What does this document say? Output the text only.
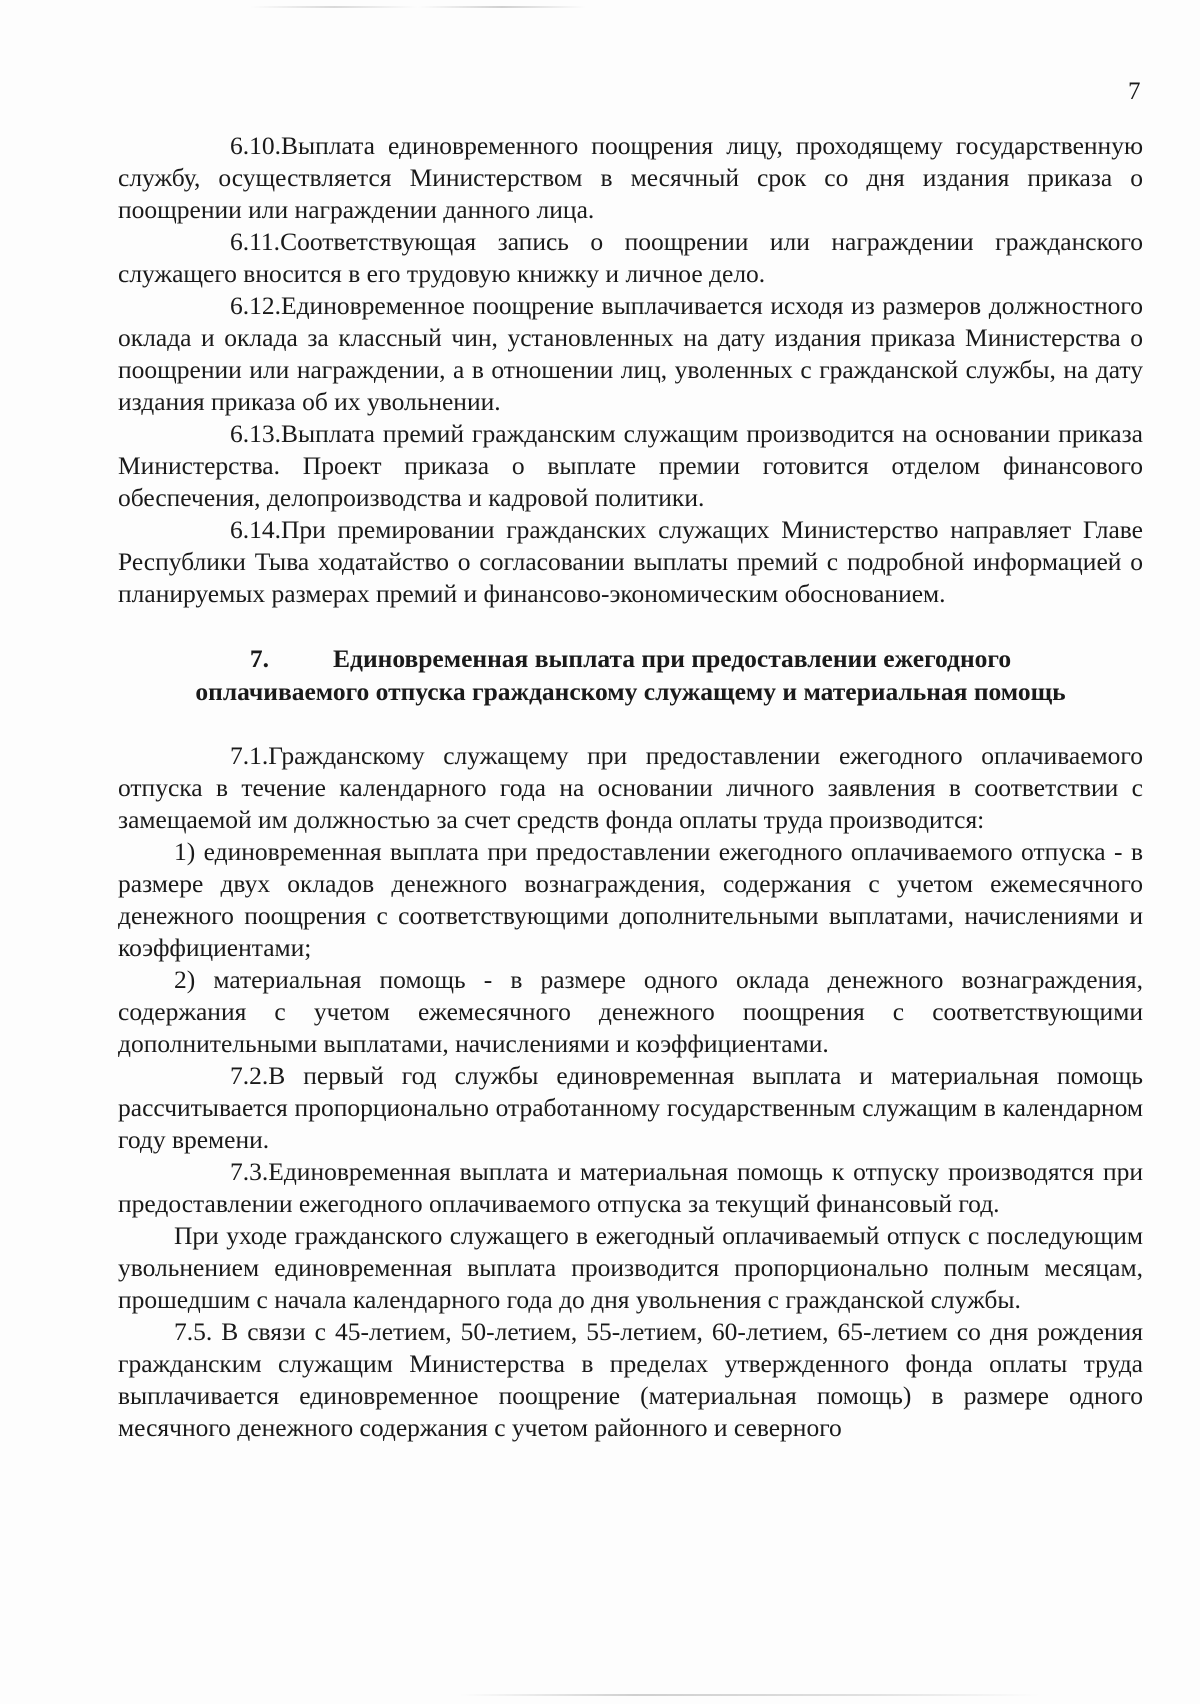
7

6.10.Выплата единовременного поощрения лицу, проходящему государственную службу, осуществляется Министерством в месячный срок со дня издания приказа о поощрении или награждении данного лица.

6.11.Соответствующая запись о поощрении или награждении гражданского служащего вносится в его трудовую книжку и личное дело.

6.12.Единовременное поощрение выплачивается исходя из размеров должностного оклада и оклада за классный чин, установленных на дату издания приказа Министерства о поощрении или награждении, а в отношении лиц, уволенных с гражданской службы, на дату издания приказа об их увольнении.

6.13.Выплата премий гражданским служащим производится на основании приказа Министерства. Проект приказа о выплате премии готовится отделом финансового обеспечения, делопроизводства и кадровой политики.

6.14.При премировании гражданских служащих Министерство направляет Главе Республики Тыва ходатайство о согласовании выплаты премий с подробной информацией о планируемых размерах премий и финансово-экономическим обоснованием.

7.	Единовременная выплата при предоставлении ежегодного
оплачиваемого отпуска гражданскому служащему и материальная помощь

7.1.Гражданскому служащему при предоставлении ежегодного оплачиваемого отпуска в течение календарного года на основании личного заявления в соответствии с замещаемой им должностью за счет средств фонда оплаты труда производится:

1) единовременная выплата при предоставлении ежегодного оплачиваемого отпуска - в размере двух окладов денежного вознаграждения, содержания с учетом ежемесячного денежного поощрения с соответствующими дополнительными выплатами, начислениями и коэффициентами;

2) материальная помощь - в размере одного оклада денежного вознаграждения, содержания с учетом ежемесячного денежного поощрения с соответствующими дополнительными выплатами, начислениями и коэффициентами.

7.2.В первый год службы единовременная выплата и материальная помощь рассчитывается пропорционально отработанному государственным служащим в календарном году времени.

7.3.Единовременная выплата и материальная помощь к отпуску производятся при предоставлении ежегодного оплачиваемого отпуска за текущий финансовый год.

При уходе гражданского служащего в ежегодный оплачиваемый отпуск с последующим увольнением единовременная выплата производится пропорционально полным месяцам, прошедшим с начала календарного года до дня увольнения с гражданской службы.

7.5. В связи с 45-летием, 50-летием, 55-летием, 60-летием, 65-летием со дня рождения гражданским служащим Министерства в пределах утвержденного фонда оплаты труда выплачивается единовременное поощрение (материальная помощь) в размере одного месячного денежного содержания с учетом районного и северного
